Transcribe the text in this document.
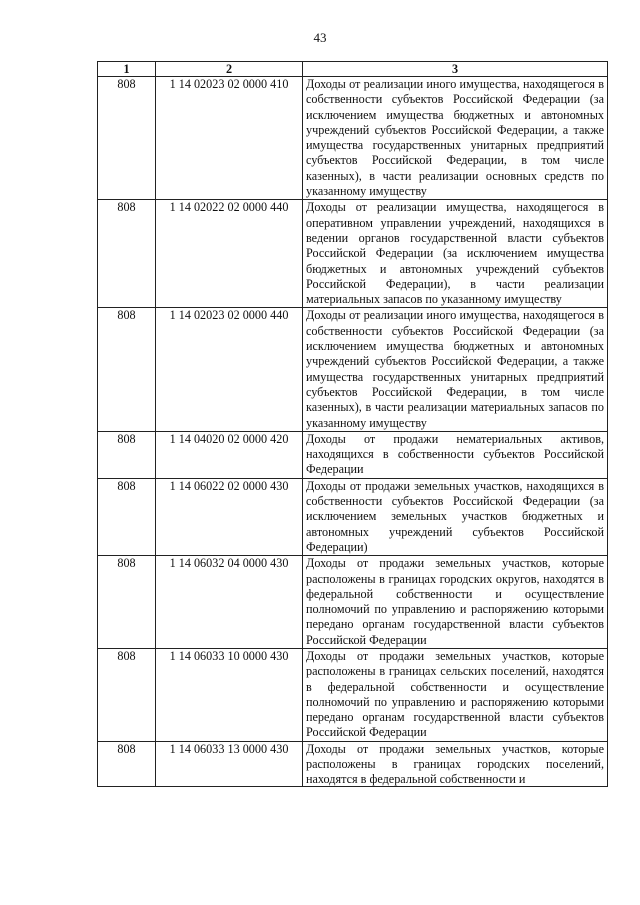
43
1	2	3
808	1 14 02023 02 0000 410	Доходы от реализации иного имущества, находящегося в собственности субъектов Российской Федерации (за исключением имущества бюджетных и автономных учреждений субъектов Российской Федерации, а также имущества государственных унитарных предприятий субъектов Российской Федерации, в том числе казенных), в части реализации основных средств по указанному имуществу
808	1 14 02022 02 0000 440	Доходы от реализации имущества, находящегося в оперативном управлении учреждений, находящихся в ведении органов государственной власти субъектов Российской Федерации (за исключением имущества бюджетных и автономных учреждений субъектов Российской Федерации), в части реализации материальных запасов по указанному имуществу
808	1 14 02023 02 0000 440	Доходы от реализации иного имущества, находящегося в собственности субъектов Российской Федерации (за исключением имущества бюджетных и автономных учреждений субъектов Российской Федерации, а также имущества государственных унитарных предприятий субъектов Российской Федерации, в том числе казенных), в части реализации материальных запасов по указанному имуществу
808	1 14 04020 02 0000 420	Доходы от продажи нематериальных активов, находящихся в собственности субъектов Российской Федерации
808	1 14 06022 02 0000 430	Доходы от продажи земельных участков, находящихся в собственности субъектов Российской Федерации (за исключением земельных участков бюджетных и автономных учреждений субъектов Российской Федерации)
808	1 14 06032 04 0000 430	Доходы от продажи земельных участков, которые расположены в границах городских округов, находятся в федеральной собственности и осуществление полномочий по управлению и распоряжению которыми передано органам государственной власти субъектов Российской Федерации
808	1 14 06033 10 0000 430	Доходы от продажи земельных участков, которые расположены в границах сельских поселений, находятся в федеральной собственности и осуществление полномочий по управлению и распоряжению которыми передано органам государственной власти субъектов Российской Федерации
808	1 14 06033 13 0000 430	Доходы от продажи земельных участков, которые расположены в границах городских поселений, находятся в федеральной собственности и
